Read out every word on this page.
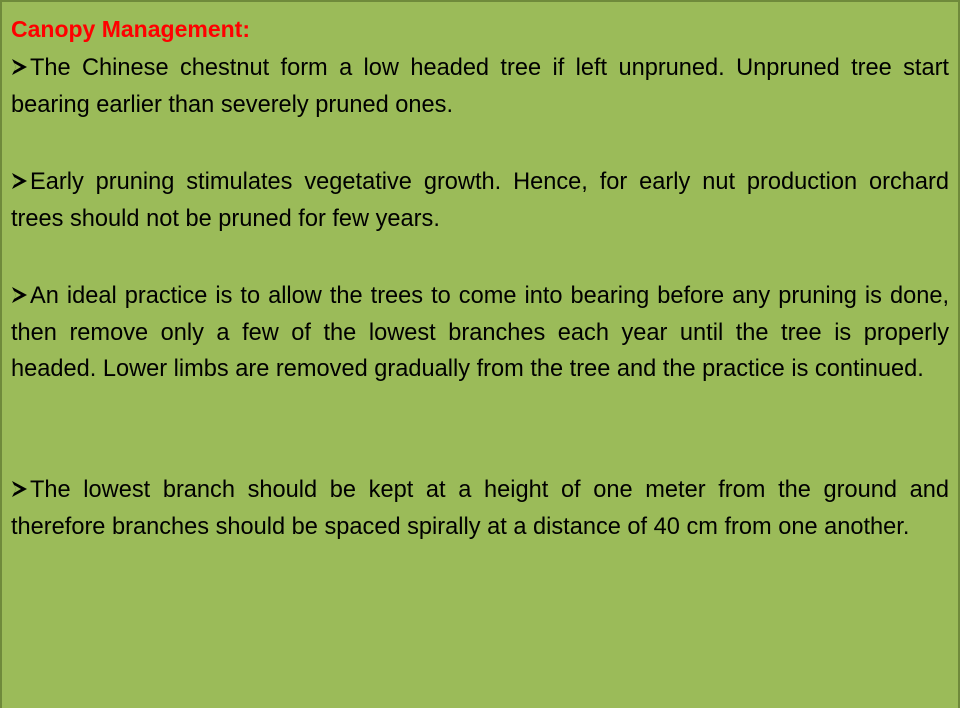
Canopy Management:
The Chinese chestnut form a low headed tree if left unpruned. Unpruned tree start bearing earlier than severely pruned ones.
Early pruning stimulates vegetative growth. Hence, for early nut production orchard trees should not be pruned for few years.
An ideal practice is to allow the trees to come into bearing before any pruning is done, then remove only a few of the lowest branches each year until the tree is properly headed. Lower limbs are removed gradually from the tree and the practice is continued.
The lowest branch should be kept at a height of one meter from the ground and therefore branches should be spaced spirally at a distance of 40 cm from one another.
